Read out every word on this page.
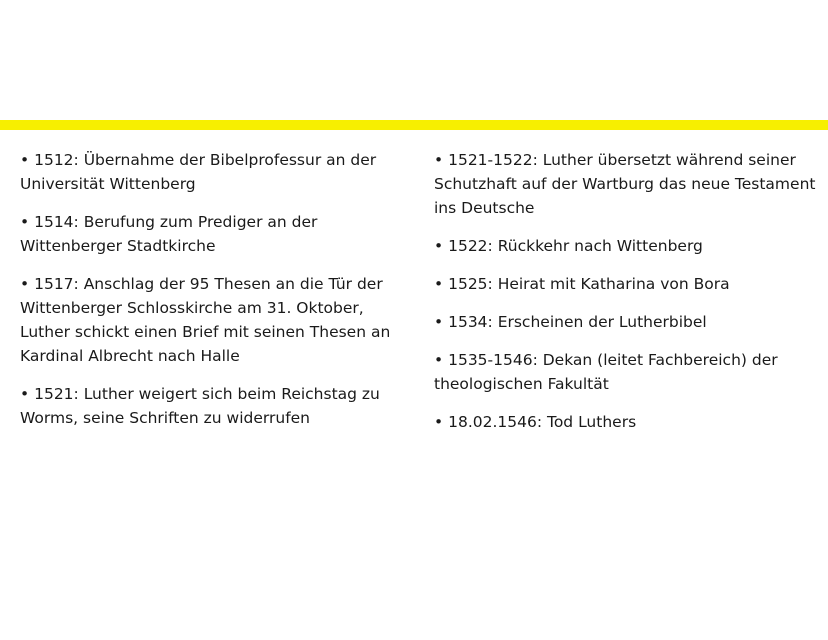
• 1512: Übernahme der Bibelprofessur an der Universität Wittenberg
• 1514: Berufung zum Prediger an der Wittenberger Stadtkirche
• 1517: Anschlag der 95 Thesen an die Tür der Wittenberger Schlosskirche am 31. Oktober, Luther schickt einen Brief mit seinen Thesen an Kardinal Albrecht nach Halle
• 1521: Luther weigert sich beim Reichstag zu Worms, seine Schriften zu widerrufen
• 1521-1522: Luther übersetzt während seiner Schutzhaft auf der Wartburg das neue Testament ins Deutsche
• 1522: Rückkehr nach Wittenberg
• 1525: Heirat mit Katharina von Bora
• 1534: Erscheinen der Lutherbibel
• 1535-1546: Dekan (leitet Fachbereich) der theologischen Fakultät
• 18.02.1546: Tod Luthers
